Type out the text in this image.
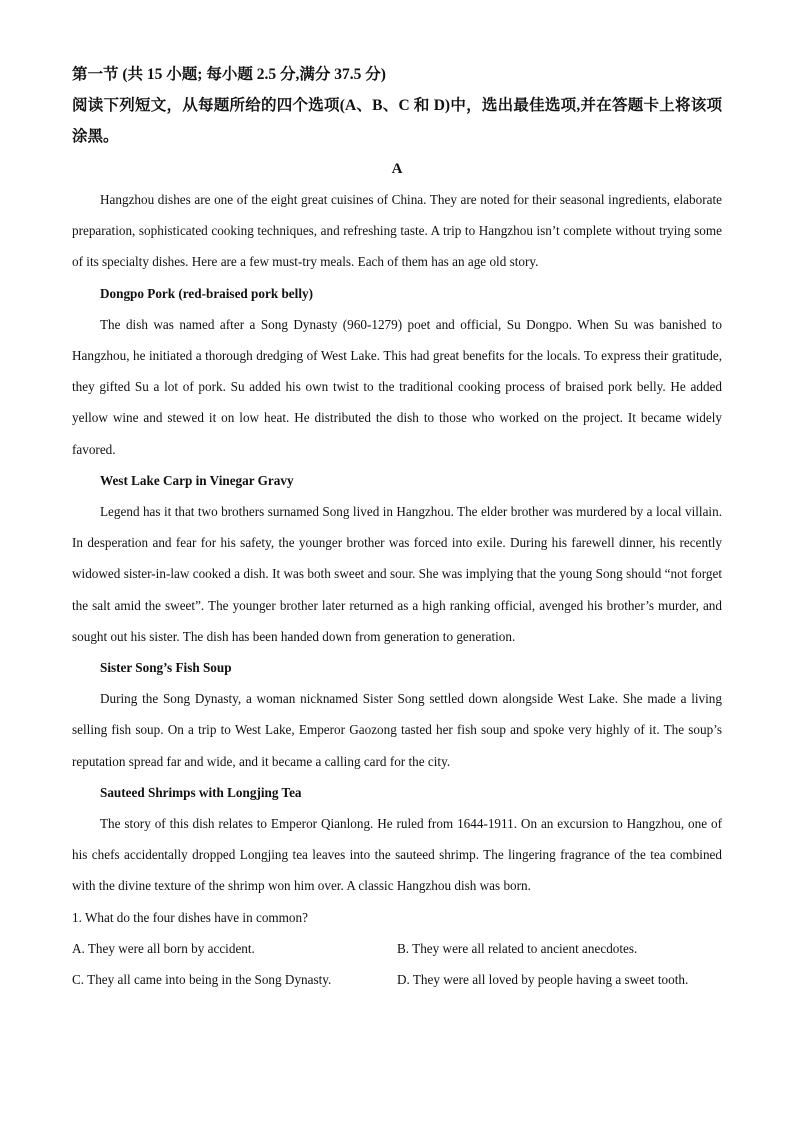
第一节 (共 15 小题; 每小题 2.5 分,满分 37.5 分)

阅读下列短文，从每题所给的四个选项(A、B、C 和 D)中，选出最佳选项,并在答题卡上将该项涂黑。

A

Hangzhou dishes are one of the eight great cuisines of China. They are noted for their seasonal ingredients, elaborate preparation, sophisticated cooking techniques, and refreshing taste. A trip to Hangzhou isn’t complete without trying some of its specialty dishes. Here are a few must-try meals. Each of them has an age old story.

Dongpo Pork (red-braised pork belly)

The dish was named after a Song Dynasty (960-1279) poet and official, Su Dongpo. When Su was banished to Hangzhou, he initiated a thorough dredging of West Lake. This had great benefits for the locals. To express their gratitude, they gifted Su a lot of pork. Su added his own twist to the traditional cooking process of braised pork belly. He added yellow wine and stewed it on low heat. He distributed the dish to those who worked on the project. It became widely favored.

West Lake Carp in Vinegar Gravy

Legend has it that two brothers surnamed Song lived in Hangzhou. The elder brother was murdered by a local villain. In desperation and fear for his safety, the younger brother was forced into exile. During his farewell dinner, his recently widowed sister-in-law cooked a dish. It was both sweet and sour. She was implying that the young Song should “not forget the salt amid the sweet”. The younger brother later returned as a high ranking official, avenged his brother’s murder, and sought out his sister. The dish has been handed down from generation to generation.

Sister Song’s Fish Soup

During the Song Dynasty, a woman nicknamed Sister Song settled down alongside West Lake. She made a living selling fish soup. On a trip to West Lake, Emperor Gaozong tasted her fish soup and spoke very highly of it. The soup’s reputation spread far and wide, and it became a calling card for the city.

Sauteed Shrimps with Longjing Tea

The story of this dish relates to Emperor Qianlong. He ruled from 1644-1911. On an excursion to Hangzhou, one of his chefs accidentally dropped Longjing tea leaves into the sauteed shrimp. The lingering fragrance of the tea combined with the divine texture of the shrimp won him over. A classic Hangzhou dish was born.

1. What do the four dishes have in common?

A. They were all born by accident.	B. They were all related to ancient anecdotes.
C. They all came into being in the Song Dynasty.	D. They were all loved by people having a sweet tooth.
